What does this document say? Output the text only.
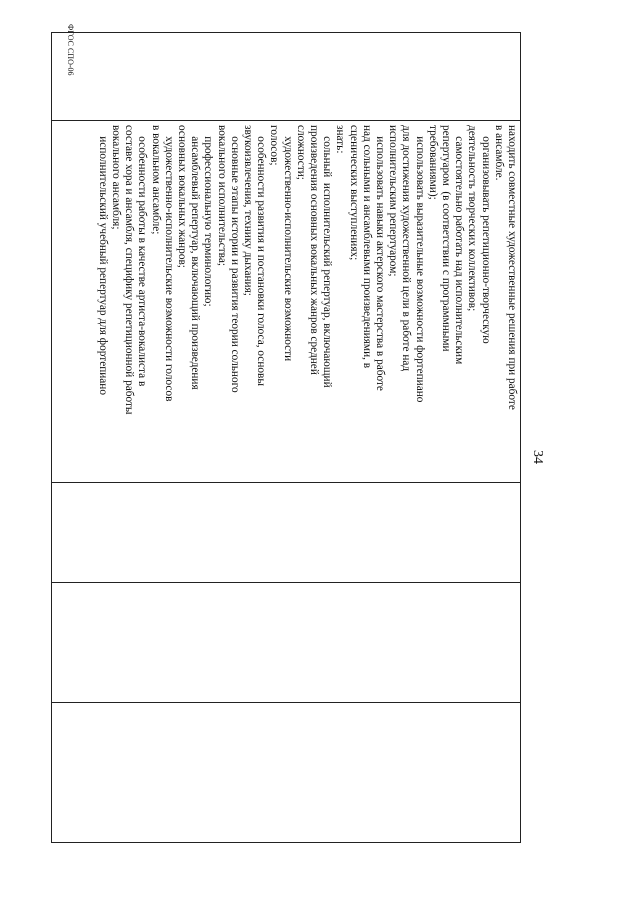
34

находить совместные художественные решения при работе
в ансамбле.
организовывать репетиционно-творческую
деятельность творческих коллективов;
самостоятельно работать над исполнительским
репертуаром  (в соответствии с программными
требованиями);
использовать выразительные возможности фортепиано
для достижения художественной цели в работе над
исполнительским репертуаром;
использовать навыки актерского мастерства в работе
над сольными и ансамблевыми произведениями, в
сценических выступлениях;
знать:
сольный  исполнительский репертуар, включающий
произведения основных вокальных жанров средней
сложности;
художественно-исполнительские возможности
голосов;
особенности развития и постановки голоса, основы
звукоизвлечения, технику дыхания;
основные этапы истории и развития теории сольного
вокального исполнительства;
профессиональную терминологию;
ансамблевый репертуар, включающий произведения
основных вокальных жанров;
художественно-исполнительские возможности голосов
в вокальном ансамбле;
особенности работы в качестве артиста-вокалиста в
составе хора и ансамбля, специфику репетиционной работы
вокального ансамбля;
исполнительский учебный репертуар для фортепиано

ФГОС СПО-06
